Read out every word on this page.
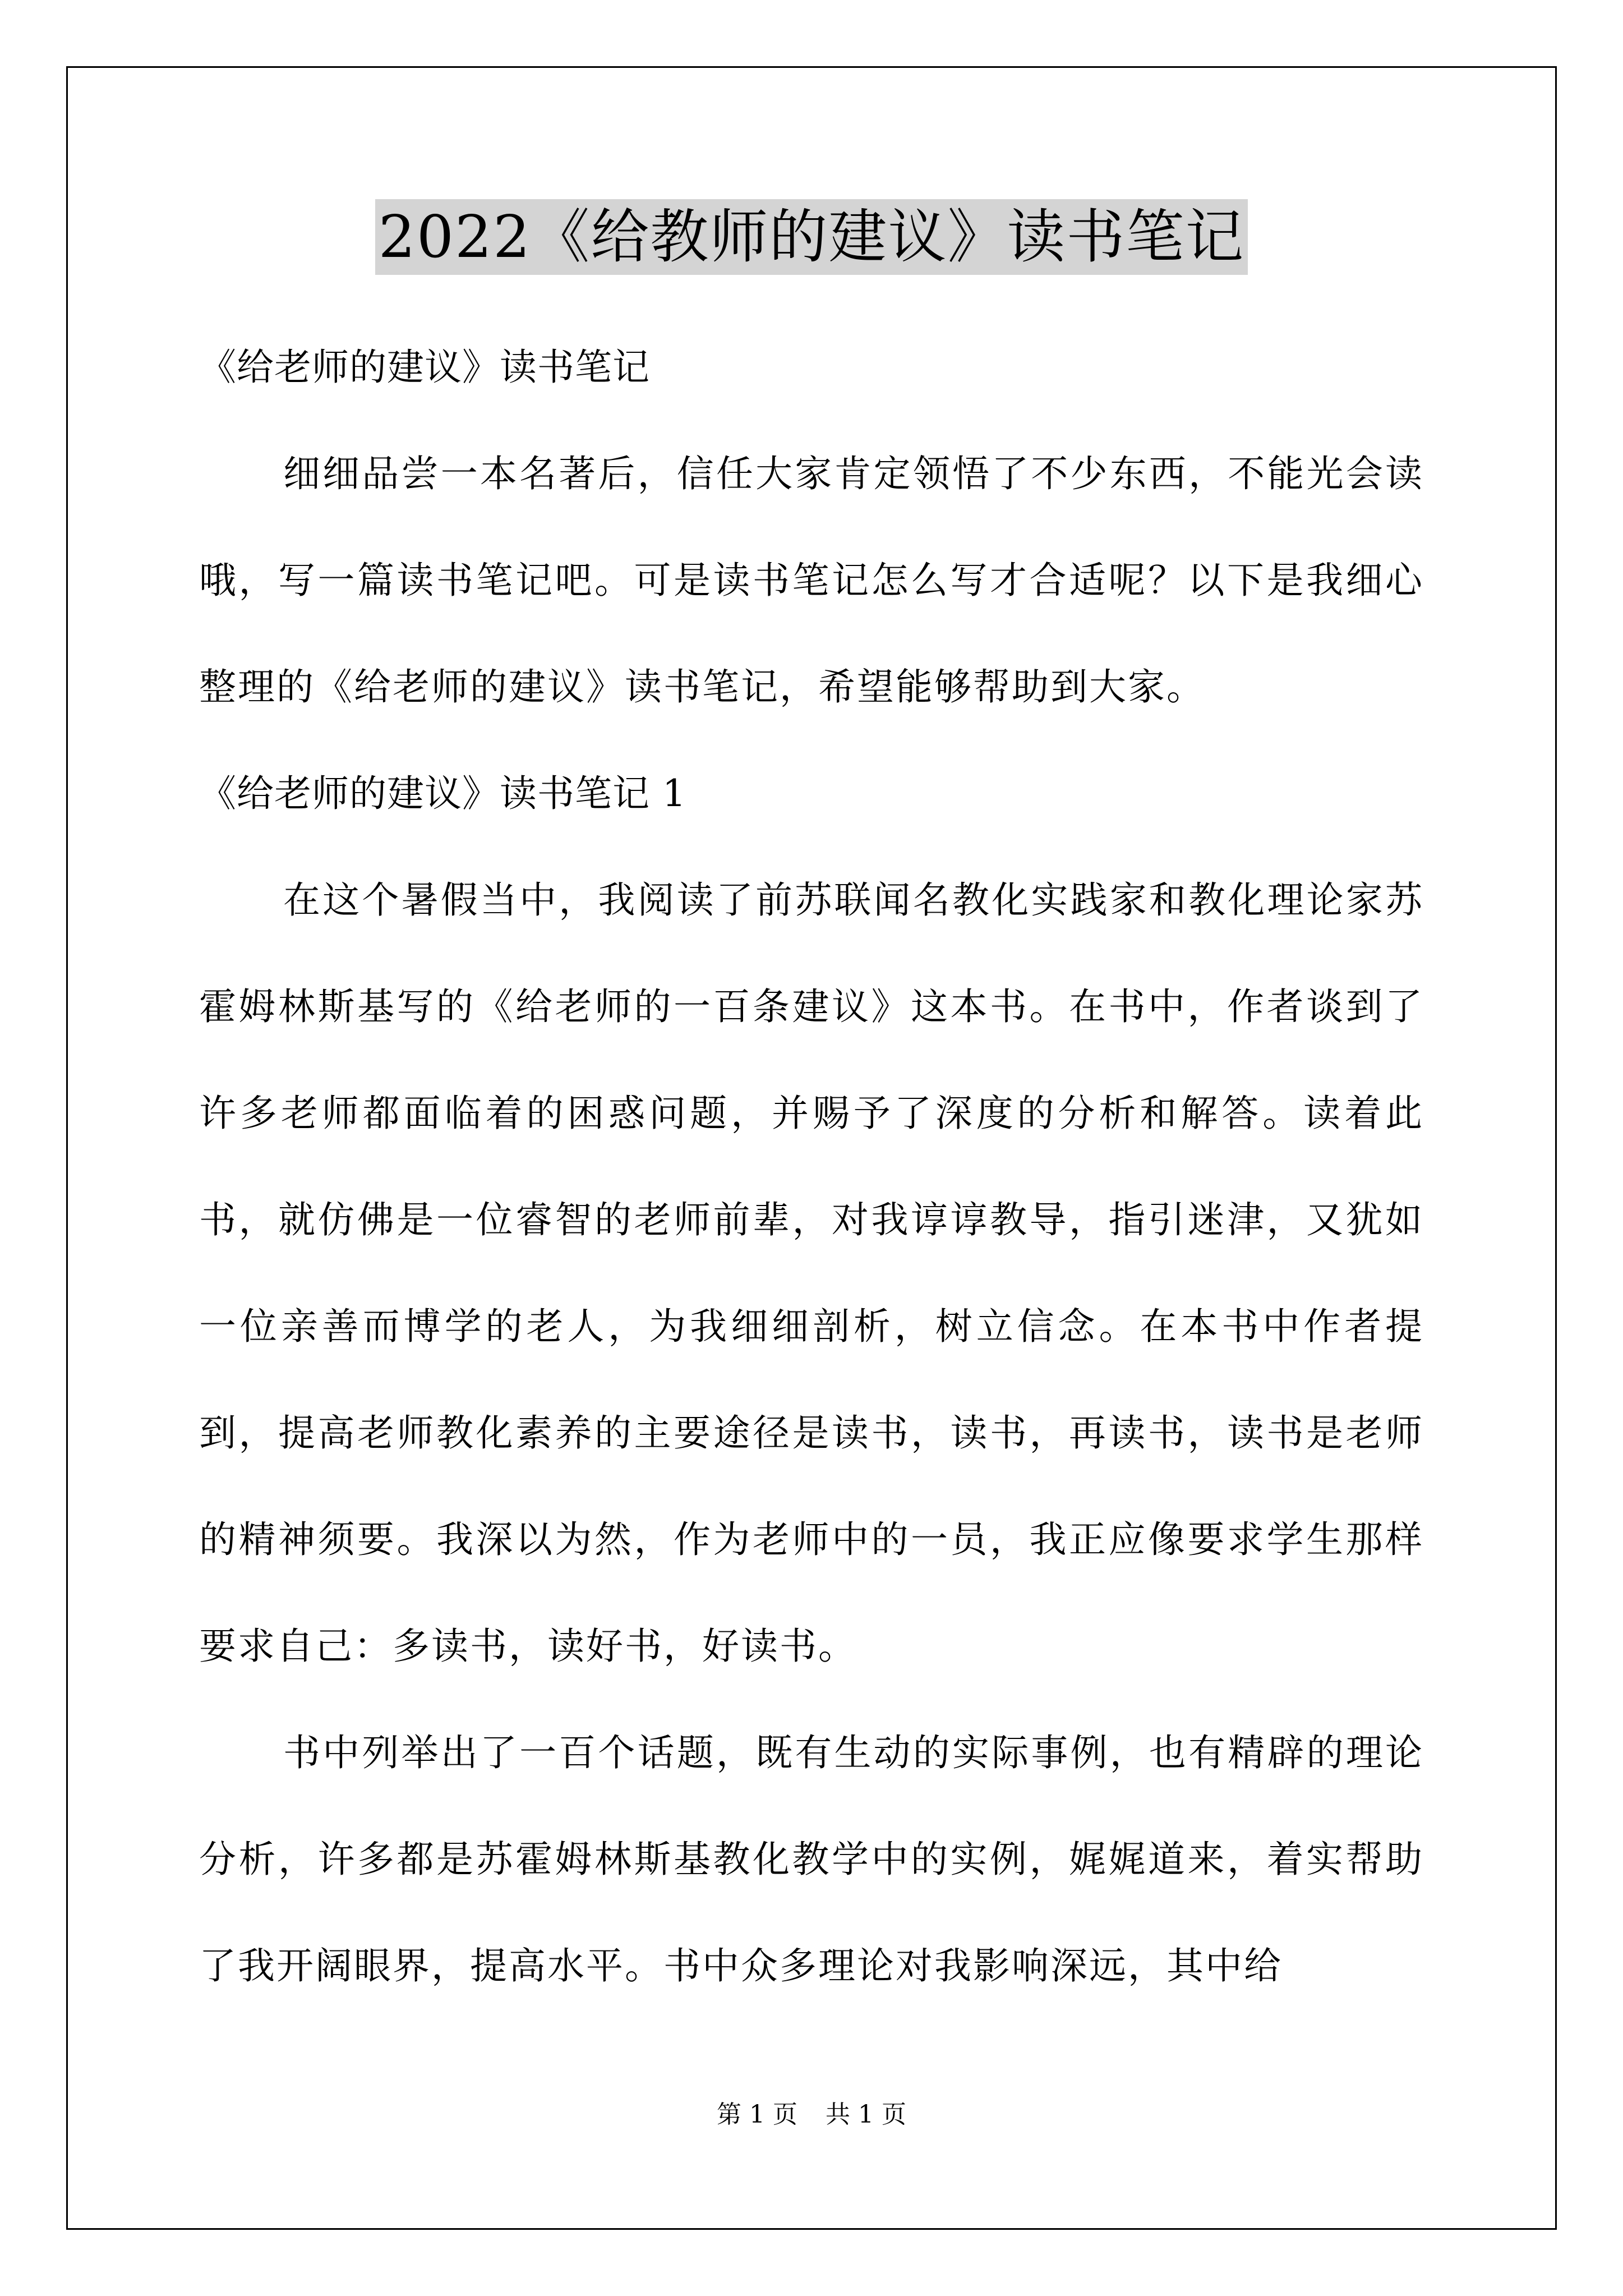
2022《给教师的建议》读书笔记

《给老师的建议》读书笔记

细细品尝一本名著后，信任大家肯定领悟了不少东西，不能光会读哦，写一篇读书笔记吧。可是读书笔记怎么写才合适呢？以下是我细心整理的《给老师的建议》读书笔记，希望能够帮助到大家。

《给老师的建议》读书笔记 1

在这个暑假当中，我阅读了前苏联闻名教化实践家和教化理论家苏霍姆林斯基写的《给老师的一百条建议》这本书。在书中，作者谈到了许多老师都面临着的困惑问题，并赐予了深度的分析和解答。读着此书，就仿佛是一位睿智的老师前辈，对我谆谆教导，指引迷津，又犹如一位亲善而博学的老人，为我细细剖析，树立信念。在本书中作者提到，提高老师教化素养的主要途径是读书，读书，再读书，读书是老师的精神须要。我深以为然，作为老师中的一员，我正应像要求学生那样要求自己：多读书，读好书，好读书。

书中列举出了一百个话题，既有生动的实际事例，也有精辟的理论分析，许多都是苏霍姆林斯基教化教学中的实例，娓娓道来，着实帮助了我开阔眼界，提高水平。书中众多理论对我影响深远，其中给

第 1 页 共 1 页
